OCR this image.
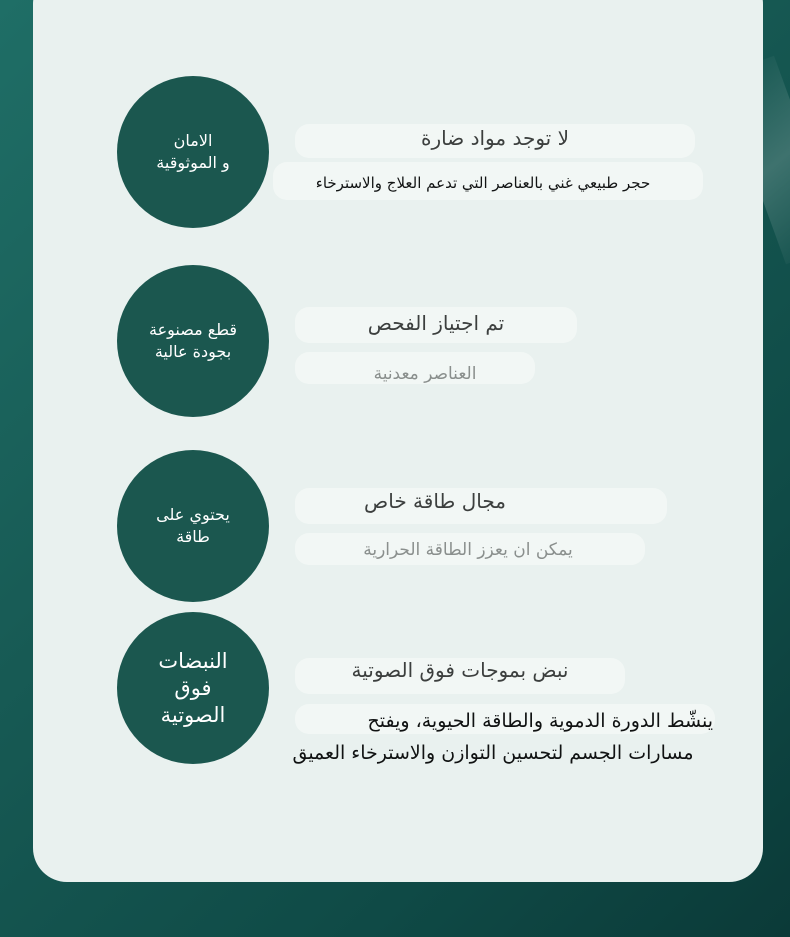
الامان
و الموثوقية
لا توجد مواد ضارة
حجر طبيعي غني بالعناصر التي تدعم العلاج والاسترخاء
قطع مصنوعة
بجودة عالية
تم اجتياز الفحص
العناصر معدنية
يحتوي على
طاقة
مجال طاقة خاص
يمكن ان يعزز الطاقة الحرارية
النبضات
فوق
الصوتية
نبض بموجات فوق الصوتية
ينشّط الدورة الدموية والطاقة الحيوية، ويفتح
مسارات الجسم لتحسين التوازن والاسترخاء العميق
